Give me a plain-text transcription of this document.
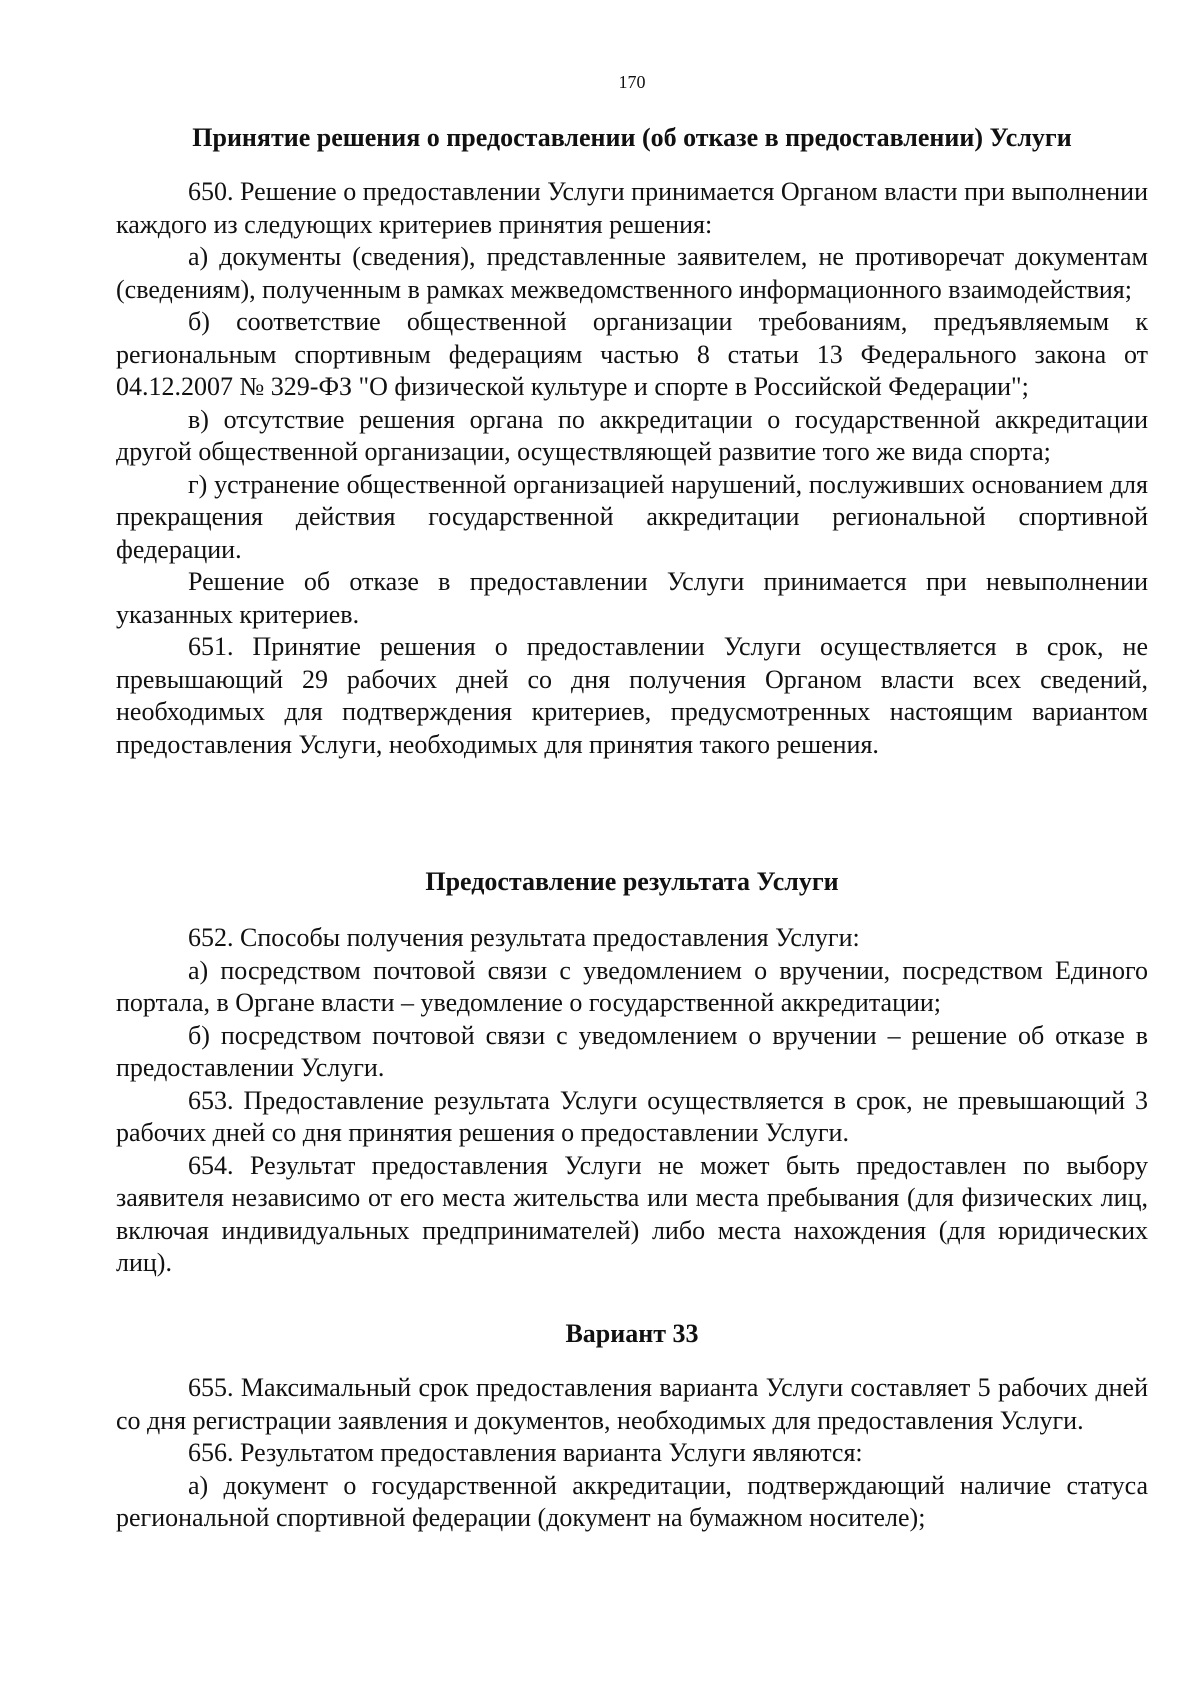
170
Принятие решения о предоставлении (об отказе в предоставлении) Услуги

650. Решение о предоставлении Услуги принимается Органом власти при выполнении каждого из следующих критериев принятия решения:

а) документы (сведения), представленные заявителем, не противоречат документам (сведениям), полученным в рамках межведомственного информационного взаимодействия;

б) соответствие общественной организации требованиям, предъявляемым к региональным спортивным федерациям частью 8 статьи 13 Федерального закона от 04.12.2007 № 329-ФЗ "О физической культуре и спорте в Российской Федерации";

в) отсутствие решения органа по аккредитации о государственной аккредитации другой общественной организации, осуществляющей развитие того же вида спорта;

г) устранение общественной организацией нарушений, послуживших основанием для прекращения действия государственной аккредитации региональной спортивной федерации.

Решение об отказе в предоставлении Услуги принимается при невыполнении указанных критериев.

651. Принятие решения о предоставлении Услуги осуществляется в срок, не превышающий 29 рабочих дней со дня получения Органом власти всех сведений, необходимых для подтверждения критериев, предусмотренных настоящим вариантом предоставления Услуги, необходимых для принятия такого решения.

Предоставление результата Услуги

652. Способы получения результата предоставления Услуги:

а) посредством почтовой связи с уведомлением о вручении, посредством Единого портала, в Органе власти – уведомление о государственной аккредитации;

б) посредством почтовой связи с уведомлением о вручении – решение об отказе в предоставлении Услуги.

653. Предоставление результата Услуги осуществляется в срок, не превышающий 3 рабочих дней со дня принятия решения о предоставлении Услуги.

654. Результат предоставления Услуги не может быть предоставлен по выбору заявителя независимо от его места жительства или места пребывания (для физических лиц, включая индивидуальных предпринимателей) либо места нахождения (для юридических лиц).

Вариант 33

655. Максимальный срок предоставления варианта Услуги составляет 5 рабочих дней со дня регистрации заявления и документов, необходимых для предоставления Услуги.

656. Результатом предоставления варианта Услуги являются:

а) документ о государственной аккредитации, подтверждающий наличие статуса региональной спортивной федерации (документ на бумажном носителе);
